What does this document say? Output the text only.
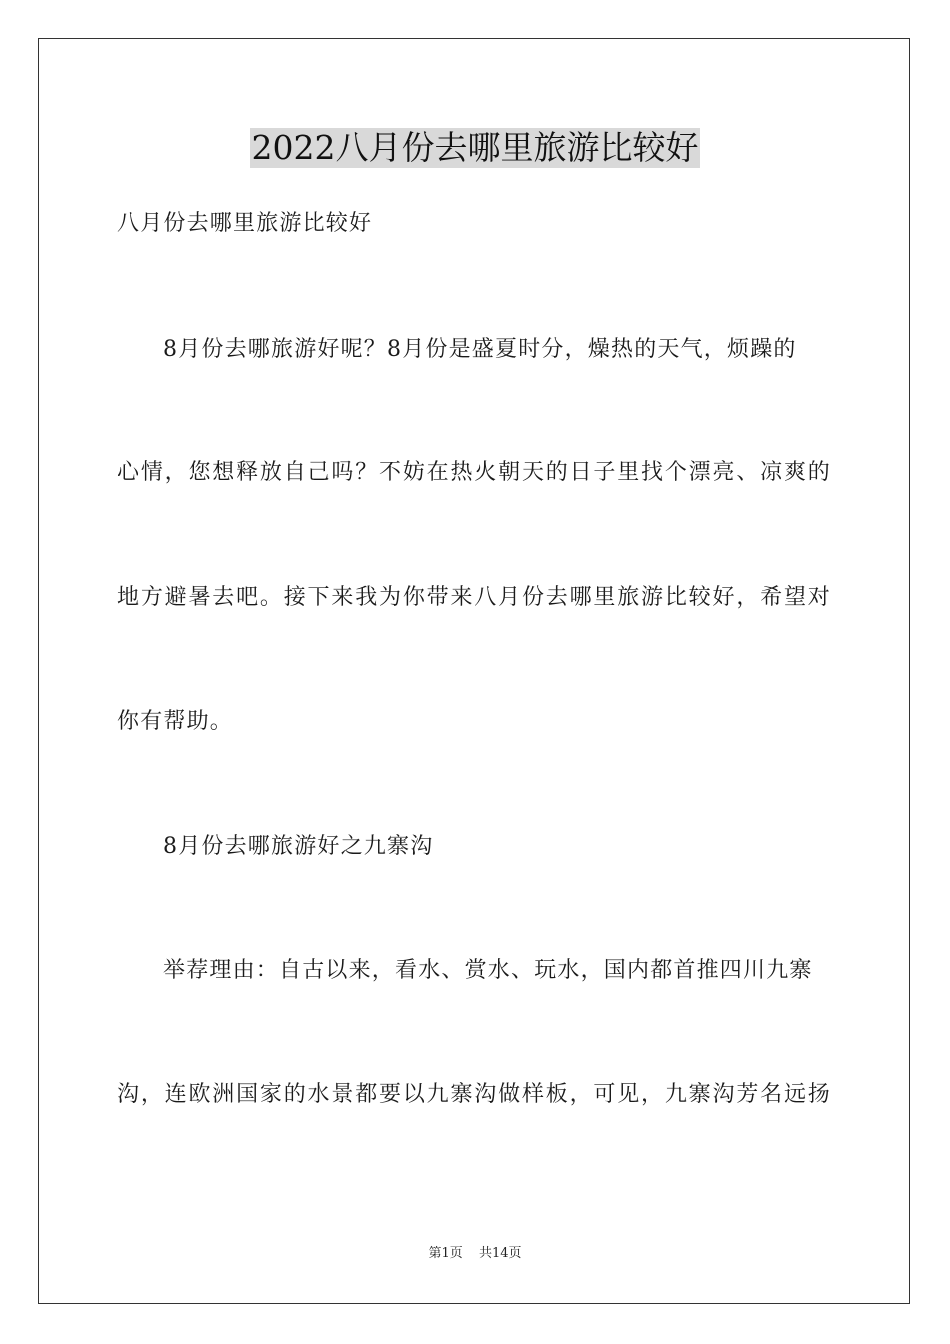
2022八月份去哪里旅游比较好
八月份去哪里旅游比较好
8月份去哪旅游好呢？8月份是盛夏时分，燥热的天气，烦躁的
心情，您想释放自己吗？不妨在热火朝天的日子里找个漂亮、凉爽的
地方避暑去吧。接下来我为你带来八月份去哪里旅游比较好，希望对
你有帮助。
8月份去哪旅游好之九寨沟
举荐理由：自古以来，看水、赏水、玩水，国内都首推四川九寨
沟，连欧洲国家的水景都要以九寨沟做样板，可见，九寨沟芳名远扬
第1页 共14页
